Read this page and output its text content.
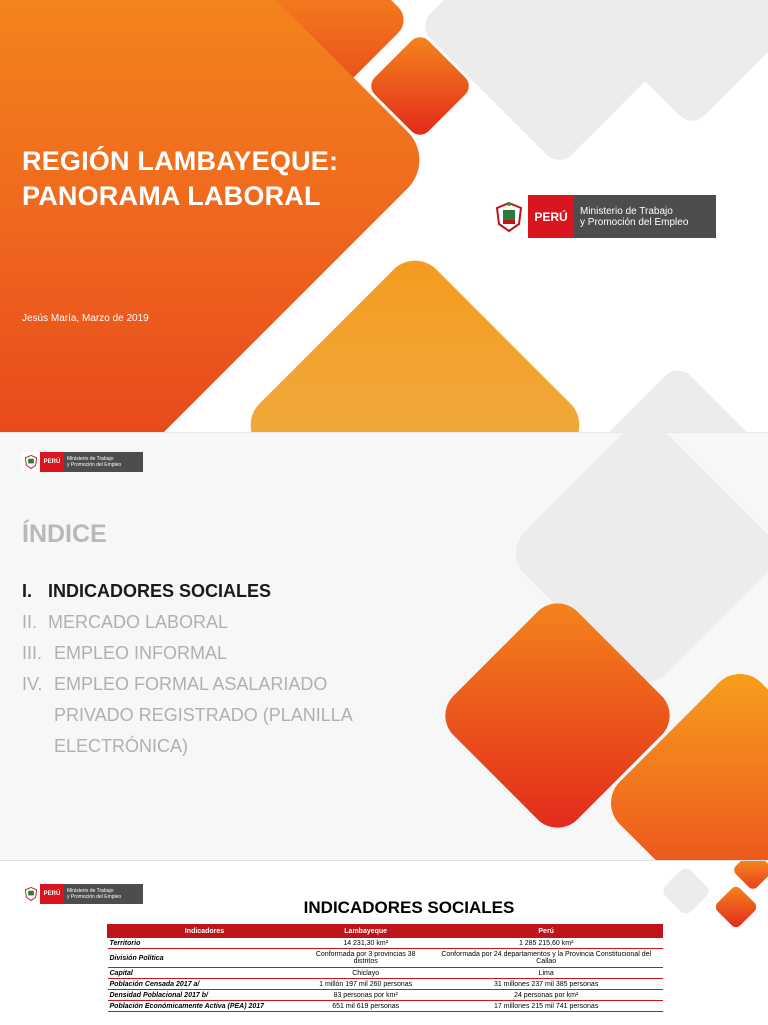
REGIÓN LAMBAYEQUE:
PANORAMA LABORAL
Jesús María, Marzo de 2019
PERÚ	Ministerio de Trabajo
y Promoción del Empleo
PERÚ	Ministerio de Trabajo
y Promoción del Empleo
ÍNDICE
I. INDICADORES SOCIALES
II. MERCADO LABORAL
III. EMPLEO INFORMAL
IV. EMPLEO FORMAL ASALARIADO PRIVADO REGISTRADO (PLANILLA ELECTRÓNICA)
PERÚ	Ministerio de Trabajo
y Promoción del Empleo
INDICADORES SOCIALES
Indicadores	Lambayeque	Perú
Territorio	14 231,30 km²	1 285 215,60 km²
División Política	Conformada por 3 provincias 38 distritos	Conformada por 24 departamentos y la Provincia Constitucional del Callao
Capital	Chiclayo	Lima
Población Censada 2017 a/	1 millón 197 mil 260 personas	31 millones 237 mil 385 personas
Densidad Poblacional 2017 b/	83 personas por km²	24 personas por km²
Población Económicamente Activa (PEA) 2017	651 mil 619 personas	17 millones 215 mil 741 personas
